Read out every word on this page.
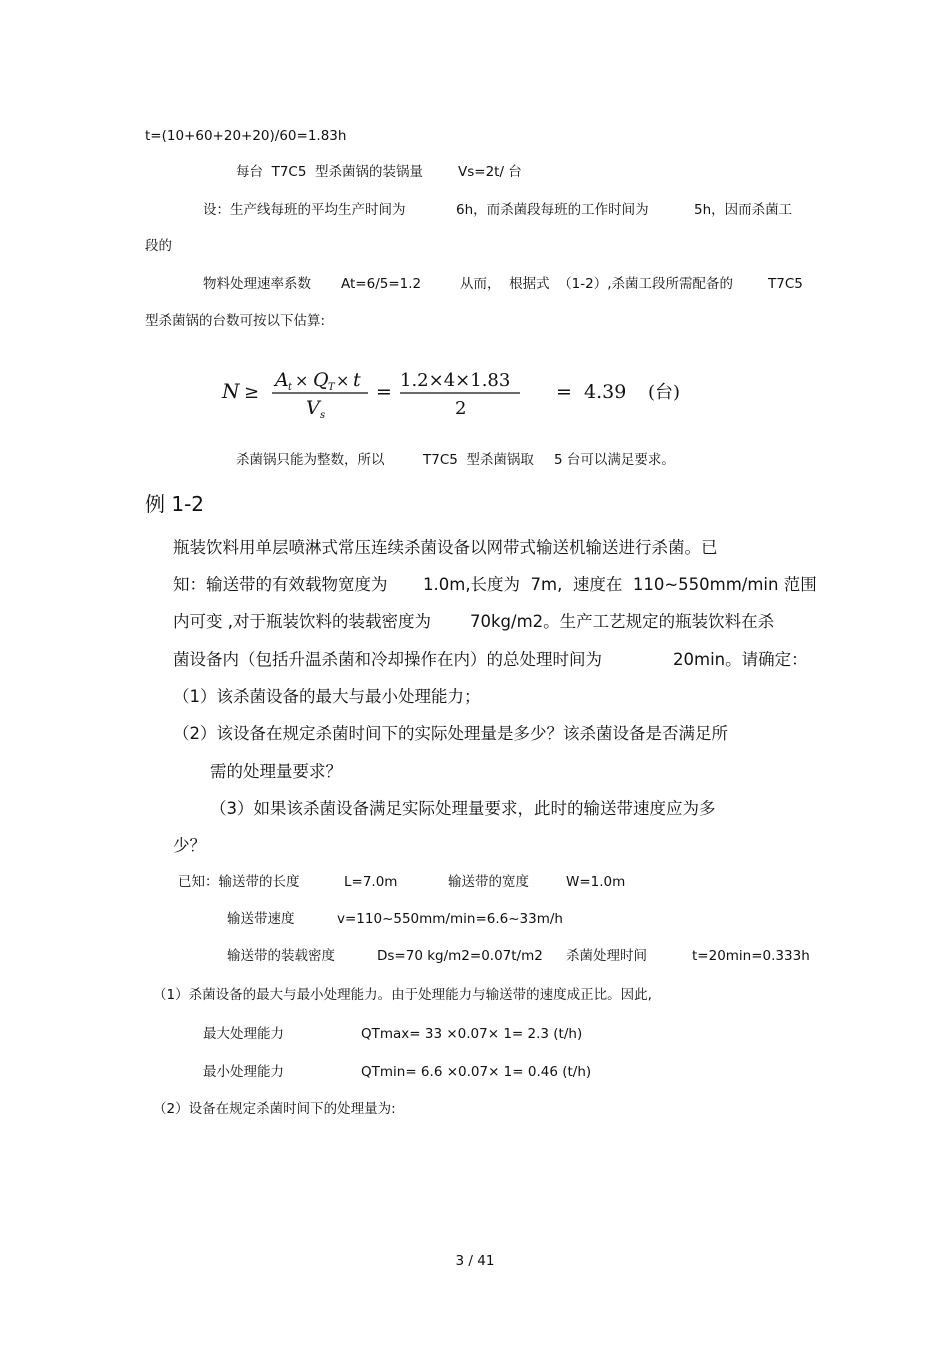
t=(10+60+20+20)/60=1.83h
每台  T7C5  型杀菌锅的装锅量	Vs=2t/ 台
设：生产线每班的平均生产时间为	6h，而杀菌段每班的工作时间为	5h，因而杀菌工
段的
物料处理速率系数 At=6/5=1.2	从而，  根据式  （1-2）,杀菌工段所需配备的	T7C5
型杀菌锅的台数可按以下估算:
N ≥
A t × Q T × t
V s
=
1.2×4×1.83
2
= 4.39 (台)
杀菌锅只能为整数，所以	T7C5  型杀菌锅取 5 台可以满足要求。
例 1-2
瓶装饮料用单层喷淋式常压连续杀菌设备以网带式输送机输送进行杀菌。已
知：输送带的有效载物宽度为 1.0m,长度为  7m,  速度在  110~550mm/min 范围
内可变 ,对于瓶装饮料的装载密度为 70kg/m2。生产工艺规定的瓶装饮料在杀
菌设备内（包括升温杀菌和冷却操作在内）的总处理时间为	20min。请确定：
（1）该杀菌设备的最大与最小处理能力；
（2）该设备在规定杀菌时间下的实际处理量是多少？该杀菌设备是否满足所
需的处理量要求？
（3）如果该杀菌设备满足实际处理量要求，此时的输送带速度应为多
少？
已知：输送带的长度	L=7.0m	输送带的宽度	W=1.0m
输送带速度	v=110~550mm/min=6.6~33m/h
输送带的装载密度	Ds=70 kg/m2=0.07t/m2 杀菌处理时间	t=20min=0.333h
（1）杀菌设备的最大与最小处理能力。由于处理能力与输送带的速度成正比。因此,
最大处理能力	QTmax= 33 ×0.07× 1= 2.3 (t/h)
最小处理能力	QTmin= 6.6 ×0.07× 1= 0.46 (t/h)
（2）设备在规定杀菌时间下的处理量为:
3 / 41
